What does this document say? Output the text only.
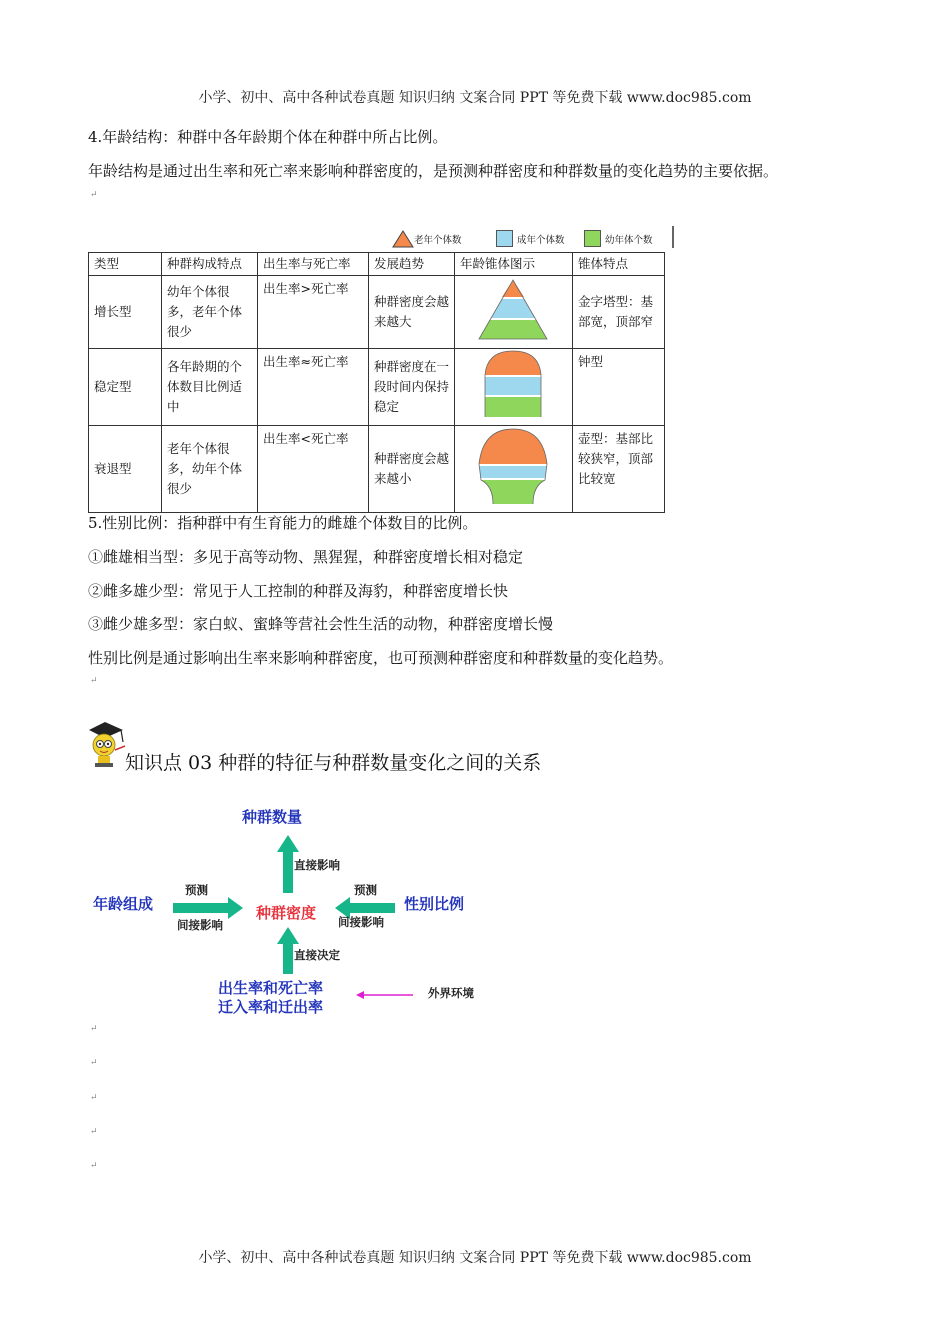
小学、初中、高中各种试卷真题 知识归纳 文案合同 PPT 等免费下载 www.doc985.com
4.年龄结构：种群中各年龄期个体在种群中所占比例。
年龄结构是通过出生率和死亡率来影响种群密度的，是预测种群密度和种群数量的变化趋势的主要依据。
↵
老年个体数	成年个体数	幼年体个数
类型	种群构成特点	出生率与死亡率	发展趋势	年龄锥体图示	锥体特点
增长型	幼年个体很多，老年个体很少	出生率>死亡率	种群密度会越来越大		金字塔型：基部宽，顶部窄
稳定型	各年龄期的个体数目比例适中	出生率≈死亡率	种群密度在一段时间内保持稳定		钟型
衰退型	老年个体很多，幼年个体很少	出生率<死亡率	种群密度会越来越小		壶型：基部比较狭窄，顶部比较宽
5.性别比例：指种群中有生育能力的雌雄个体数目的比例。
①雌雄相当型：多见于高等动物、黑猩猩，种群密度增长相对稳定
②雌多雄少型：常见于人工控制的种群及海豹，种群密度增长快
③雌少雄多型：家白蚁、蜜蜂等营社会性生活的动物，种群密度增长慢
性别比例是通过影响出生率来影响种群密度，也可预测种群密度和种群数量的变化趋势。
↵
知识点 03 种群的特征与种群数量变化之间的关系
种群数量
直接影响
年龄组成
预测
间接影响
种群密度
预测
间接影响
性别比例
直接决定
出生率和死亡率
迁入率和迁出率
外界环境
↵
↵
↵
↵
↵
小学、初中、高中各种试卷真题 知识归纳 文案合同 PPT 等免费下载 www.doc985.com
